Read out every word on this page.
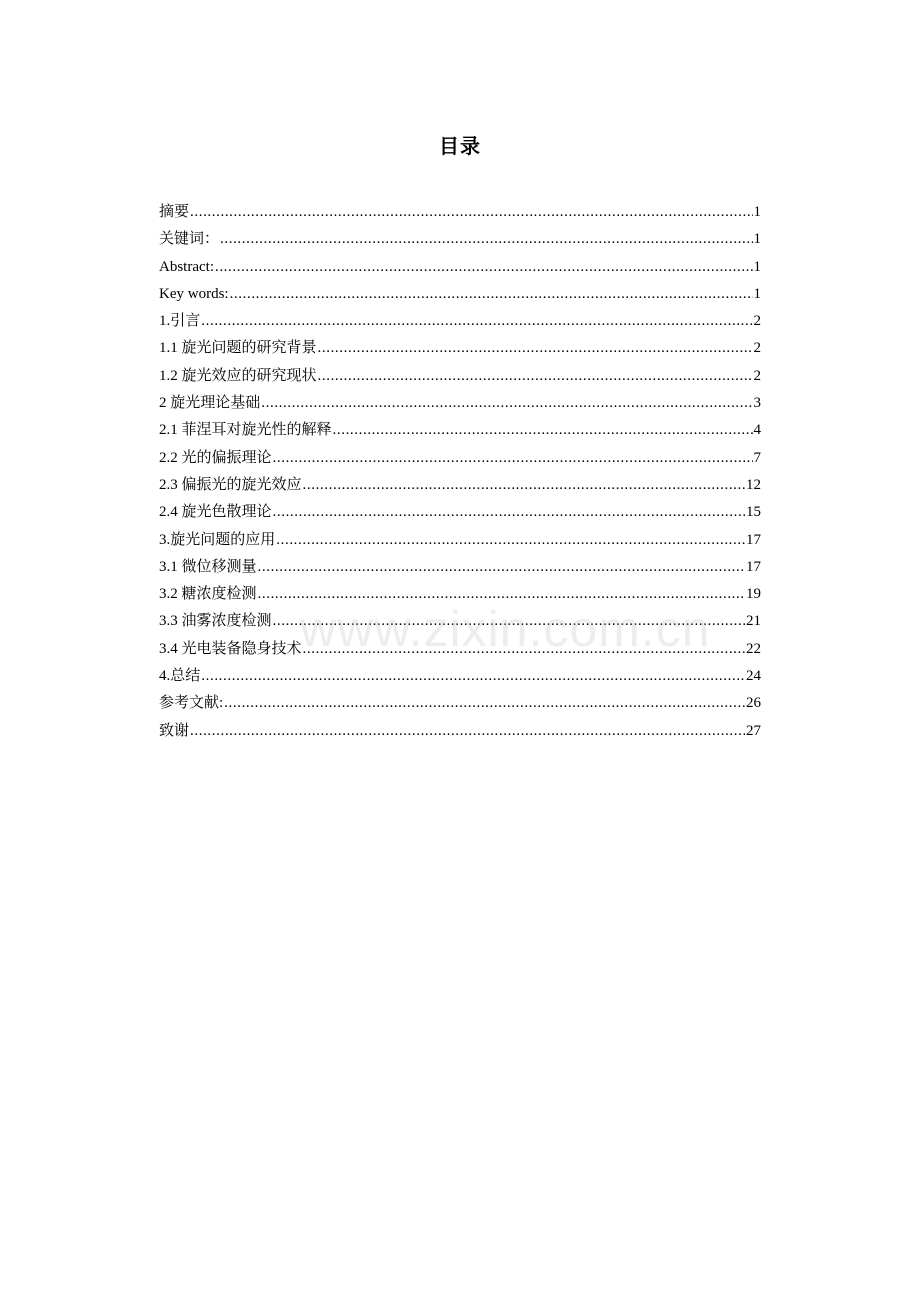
目录
摘要 .....	1
关键词： .....	1
Abstract: .....	1
Key words: .....	1
1.引言 .....	2
1.1 旋光问题的研究背景 .....	2
1.2 旋光效应的研究现状 .....	2
2 旋光理论基础 .....	3
2.1 菲涅耳对旋光性的解释 .....	4
2.2 光的偏振理论 .....	7
2.3 偏振光的旋光效应 .....	12
2.4 旋光色散理论 .....	15
3.旋光问题的应用 .....	17
3.1 微位移测量 .....	17
3.2 糖浓度检测 .....	19
3.3 油雾浓度检测 .....	21
3.4 光电装备隐身技术 .....	22
4.总结 .....	24
参考文献: .....	26
致谢 .....	27
www.zixin.com.cn
